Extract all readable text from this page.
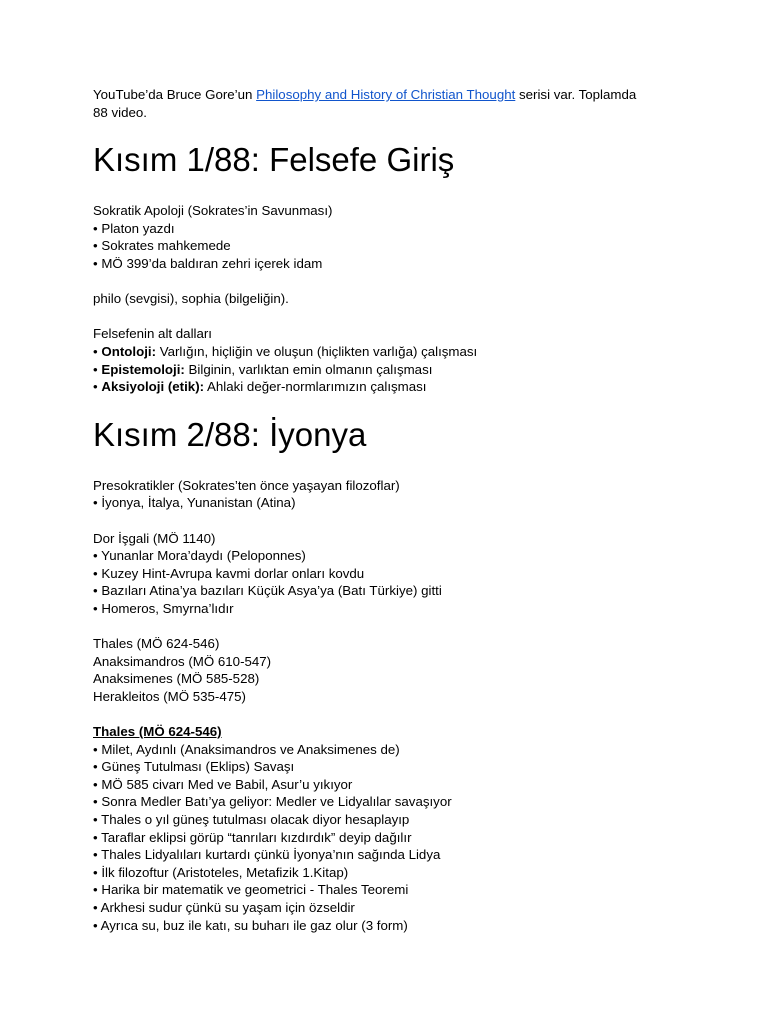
YouTube’da Bruce Gore’un Philosophy and History of Christian Thought serisi var. Toplamda
88 video.

Kısım 1/88: Felsefe Giriş

Sokratik Apoloji (Sokrates’in Savunması)

• Platon yazdı

• Sokrates mahkemede

• MÖ 399’da baldıran zehri içerek idam

philo (sevgisi), sophia (bilgeliğin).

Felsefenin alt dalları

• Ontoloji: Varlığın, hiçliğin ve oluşun (hiçlikten varlığa) çalışması

• Epistemoloji: Bilginin, varlıktan emin olmanın çalışması

• Aksiyoloji (etik): Ahlaki değer-normlarımızın çalışması

Kısım 2/88: İyonya

Presokratikler (Sokrates’ten önce yaşayan filozoflar)

• İyonya, İtalya, Yunanistan (Atina)

Dor İşgali (MÖ 1140)

• Yunanlar Mora’daydı (Peloponnes)

• Kuzey Hint-Avrupa kavmi dorlar onları kovdu

• Bazıları Atina’ya bazıları Küçük Asya’ya (Batı Türkiye) gitti

• Homeros, Smyrna’lıdır

Thales (MÖ 624-546)

Anaksimandros (MÖ 610-547)

Anaksimenes (MÖ 585-528)

Herakleitos (MÖ 535-475)

Thales (MÖ 624-546)

• Milet, Aydınlı (Anaksimandros ve Anaksimenes de)

• Güneş Tutulması (Eklips) Savaşı

• MÖ 585 civarı Med ve Babil, Asur’u yıkıyor

• Sonra Medler Batı’ya geliyor: Medler ve Lidyalılar savaşıyor

• Thales o yıl güneş tutulması olacak diyor hesaplayıp

• Taraflar eklipsi görüp “tanrıları kızdırdık” deyip dağılır

• Thales Lidyalıları kurtardı çünkü İyonya’nın sağında Lidya

• İlk filozoftur (Aristoteles, Metafizik 1.Kitap)

• Harika bir matematik ve geometrici - Thales Teoremi

• Arkhesi sudur çünkü su yaşam için özseldir

• Ayrıca su, buz ile katı, su buharı ile gaz olur (3 form)
